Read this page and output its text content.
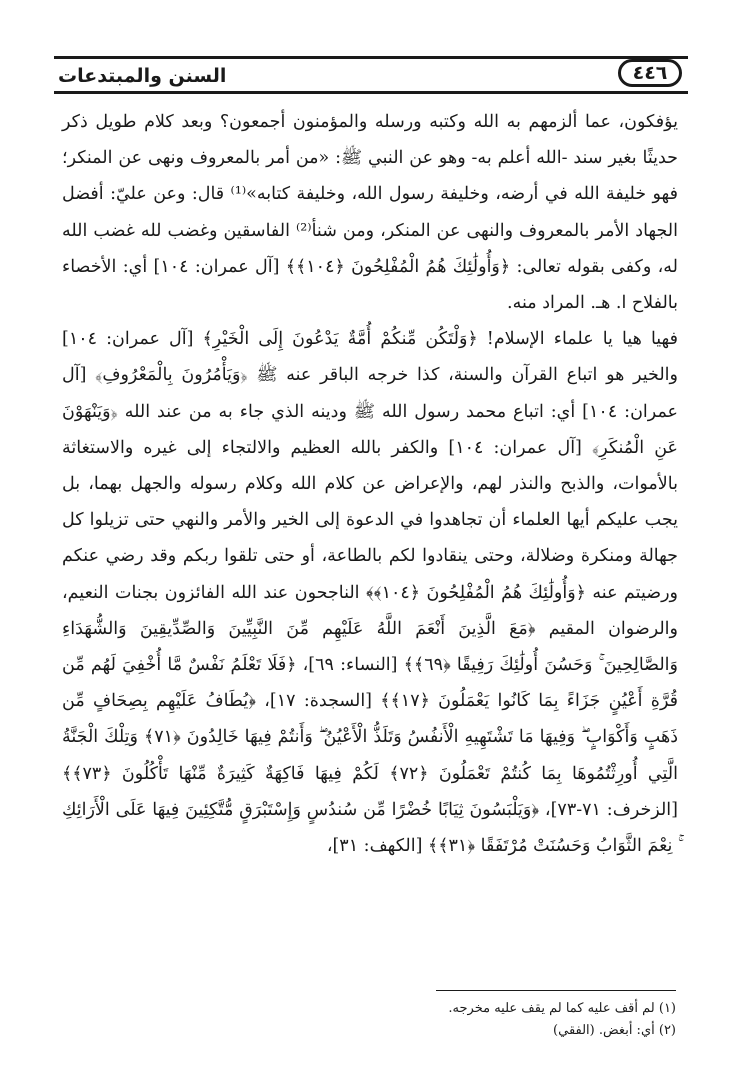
السنن والمبتدعات	٤٤٦

يؤفكون، عما ألزمهم به الله وكتبه ورسله والمؤمنون أجمعون؟ وبعد كلام طويل ذكر حديثًا بغير سند -الله أعلم به- وهو عن النبي ﷺ: «من أمر بالمعروف ونهى عن المنكر؛ فهو خليفة الله في أرضه، وخليفة رسول الله، وخليفة كتابه»⁽¹⁾ قال: وعن عليّ: أفضل الجهاد الأمر بالمعروف والنهى عن المنكر، ومن شنأ⁽²⁾ الفاسقين وغضب لله غضب الله له، وكفى بقوله تعالى: ﴿وَأُولَٰئِكَ هُمُ الْمُفْلِحُونَ ﴿١٠٤﴾﴾ [آل عمران: ١٠٤] أي: الأخصاء بالفلاح ا. هـ. المراد منه.

فهيا هيا يا علماء الإسلام! ﴿وَلْتَكُن مِّنكُمْ أُمَّةٌ يَدْعُونَ إِلَى الْخَيْرِ﴾ [آل عمران: ١٠٤] والخير هو اتباع القرآن والسنة، كذا خرجه الباقر عنه ﷺ ﴿وَيَأْمُرُونَ بِالْمَعْرُوفِ﴾ [آل عمران: ١٠٤] أي: اتباع محمد رسول الله ﷺ ودينه الذي جاء به من عند الله ﴿وَيَنْهَوْنَ عَنِ الْمُنكَرِ﴾ [آل عمران: ١٠٤] والكفر بالله العظيم والالتجاء إلى غيره والاستغاثة بالأموات، والذبح والنذر لهم، والإعراض عن كلام الله وكلام رسوله والجهل بهما، بل يجب عليكم أيها العلماء أن تجاهدوا في الدعوة إلى الخير والأمر والنهي حتى تزيلوا كل جهالة ومنكرة وضلالة، وحتى ينقادوا لكم بالطاعة، أو حتى تلقوا ربكم وقد رضي عنكم ورضيتم عنه ﴿وَأُولَٰئِكَ هُمُ الْمُفْلِحُونَ ﴿١٠٤﴾﴾ الناجحون عند الله الفائزون بجنات النعيم، والرضوان المقيم ﴿مَعَ الَّذِينَ أَنْعَمَ اللَّهُ عَلَيْهِم مِّنَ النَّبِيِّينَ وَالصِّدِّيقِينَ وَالشُّهَدَاءِ وَالصَّالِحِينَ ۚ وَحَسُنَ أُولَٰئِكَ رَفِيقًا ﴿٦٩﴾﴾ [النساء: ٦٩]، ﴿فَلَا تَعْلَمُ نَفْسٌ مَّا أُخْفِيَ لَهُم مِّن قُرَّةِ أَعْيُنٍ جَزَاءً بِمَا كَانُوا يَعْمَلُونَ ﴿١٧﴾﴾ [السجدة: ١٧]، ﴿يُطَافُ عَلَيْهِم بِصِحَافٍ مِّن ذَهَبٍ وَأَكْوَابٍ ۖ وَفِيهَا مَا تَشْتَهِيهِ الْأَنفُسُ وَتَلَذُّ الْأَعْيُنُ ۖ وَأَنتُمْ فِيهَا خَالِدُونَ ﴿٧١﴾ وَتِلْكَ الْجَنَّةُ الَّتِي أُورِثْتُمُوهَا بِمَا كُنتُمْ تَعْمَلُونَ ﴿٧٢﴾ لَكُمْ فِيهَا فَاكِهَةٌ كَثِيرَةٌ مِّنْهَا تَأْكُلُونَ ﴿٧٣﴾﴾ [الزخرف: ٧١-٧٣]، ﴿وَيَلْبَسُونَ ثِيَابًا خُضْرًا مِّن سُندُسٍ وَإِسْتَبْرَقٍ مُّتَّكِئِينَ فِيهَا عَلَى الْأَرَائِكِ ۚ نِعْمَ الثَّوَابُ وَحَسُنَتْ مُرْتَفَقًا ﴿٣١﴾﴾ [الكهف: ٣١]،

(١) لم أقف عليه كما لم يقف عليه مخرجه.

(٢) أي: أبغض. (الفقي)
